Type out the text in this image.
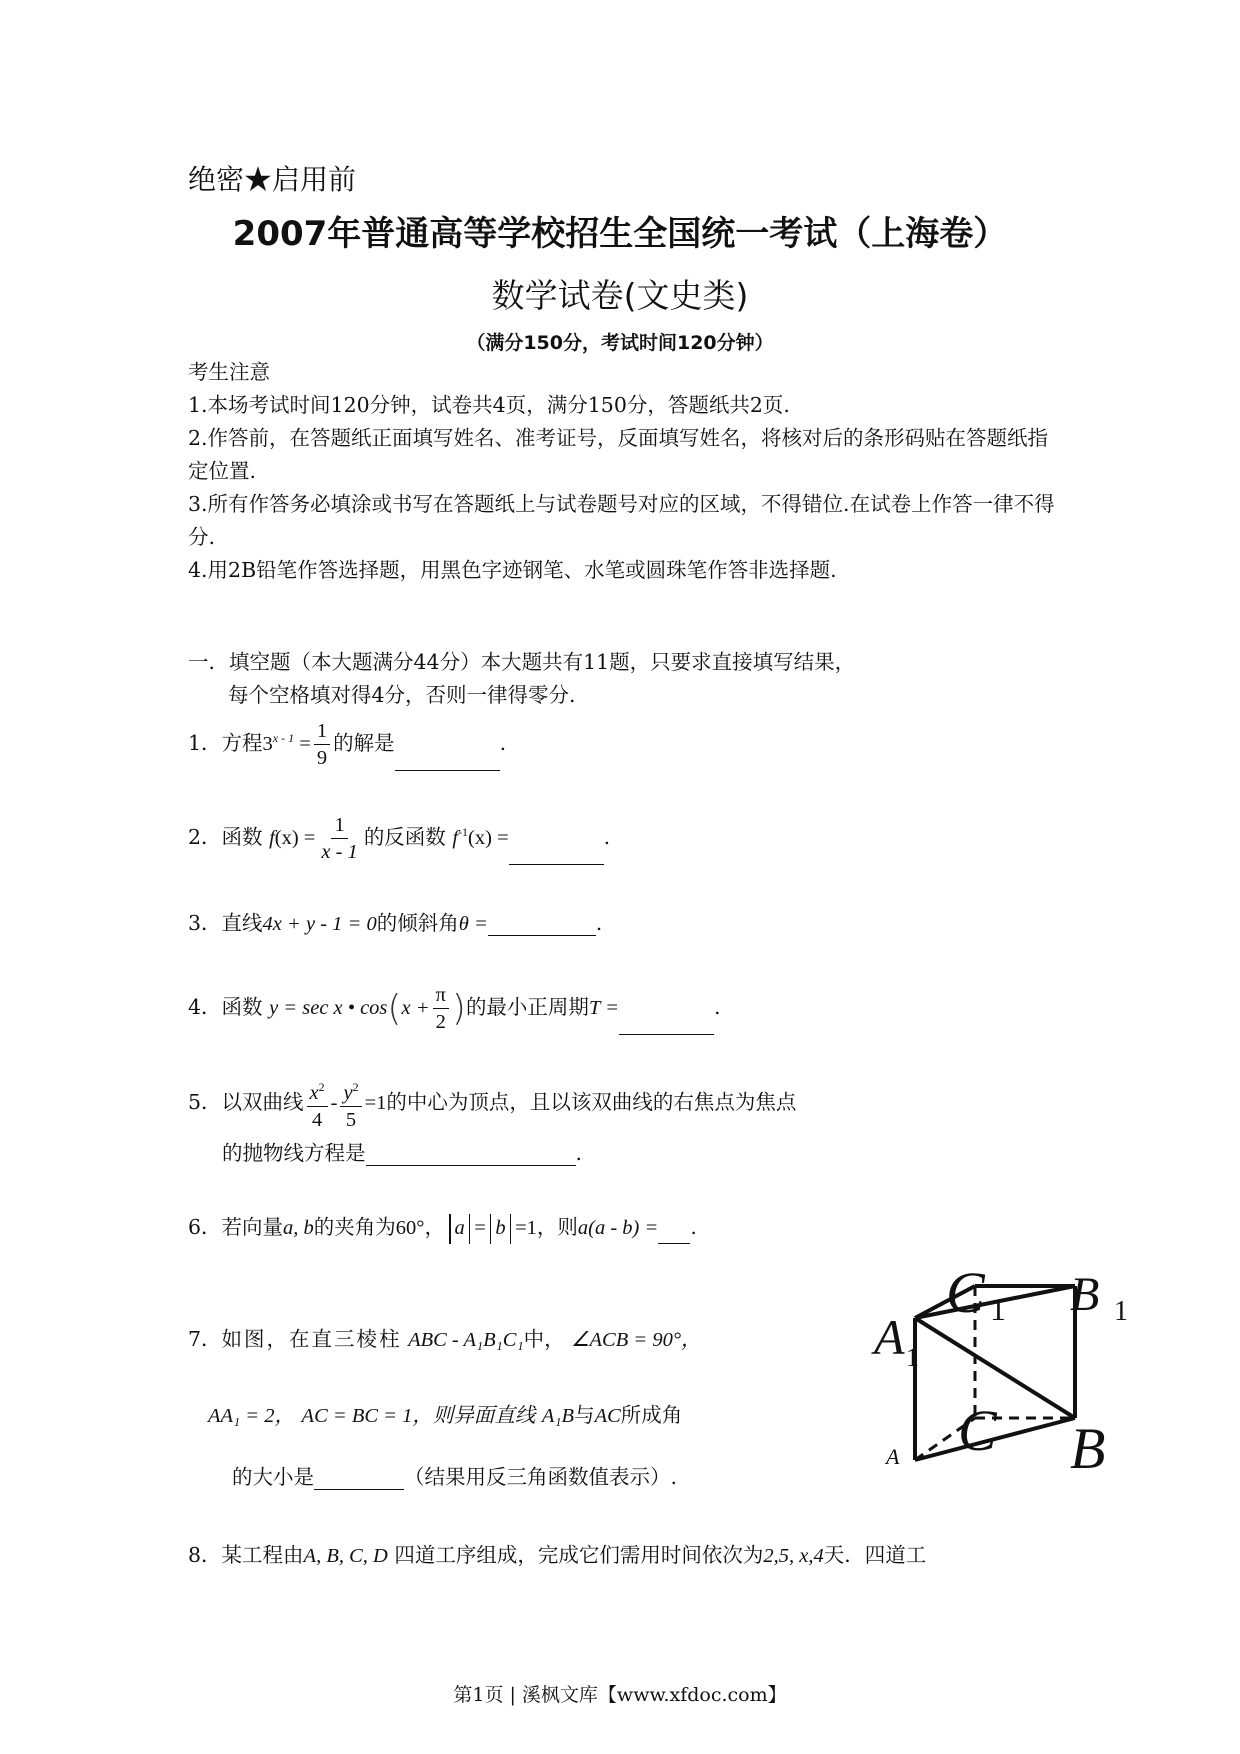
绝密★启用前
2007年普通高等学校招生全国统一考试（上海卷）
数学试卷(文史类)
（满分150分，考试时间120分钟）
考生注意
1.本场考试时间120分钟，试卷共4页，满分150分，答题纸共2页.
2.作答前，在答题纸正面填写姓名、准考证号，反面填写姓名，将核对后的条形码贴在答题纸指定位置.
3.所有作答务必填涂或书写在答题纸上与试卷题号对应的区域，不得错位.在试卷上作答一律不得分.
4.用2B铅笔作答选择题，用黑色字迹钢笔、水笔或圆珠笔作答非选择题.
一．填空题（本大题满分44分）本大题共有11题，只要求直接填写结果，
每个空格填对得4分，否则一律得零分.
1．方程$3^{x - 1} = \frac{1}{9}$ 的解是	.
2．函数 $f(x) = \frac{1}{x - 1}$ 的反函数 $f^{-1}(x)$ =	.
3．直线4x + y - 1 = 0的倾斜角θ =	.
4．函数 y = sec x • $\cos(x + \frac{\pi}{2}$ )的最小正周期T =	.
5．以双曲线 $\frac{x^2}{4} - \frac{y^2}{5} =1$的中心为顶点，且以该双曲线的右焦点为焦点
的抛物线方程是	.
6．若向量a, b的夹角为60°， a = b =1，则a(a - b) = .
7．如图，在直三棱柱 ABC - A₁B₁C₁中， ∠ACB = 90°，
AA₁ = 2， AC = BC = 1，则异面直线 A₁B与AC所成角
的大小是	（结果用反三角函数值表示）.
8．某工程由A, B, C, D 四道工序组成，完成它们需用时间依次为2,5, x,4天．四道工
C 1 B 1
A 1
C B
A
第1页 | 溪枫文库【www.xfdoc.com】
